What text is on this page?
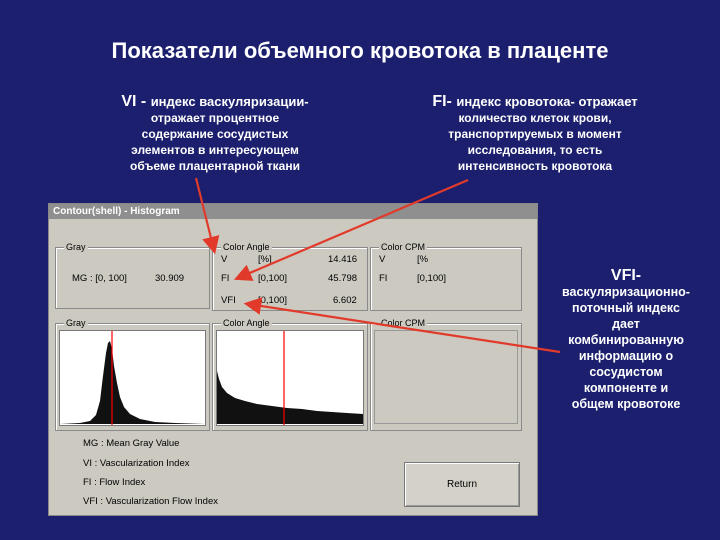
Показатели объемного кровотока в плаценте
VI - индекс васкуляризации-
отражает процентное
содержание сосудистых
элементов в интересующем
объеме плацентарной ткани
FI- индекс кровотока- отражает
количество клеток крови,
транспортируемых в момент
исследования, то есть
интенсивность кровотока
VFI-
васкуляризационно-
поточный индекс
дает
комбинированную
информацию о
сосудистом
компоненте и
общем кровотоке
Contour(shell) - Histogram
Gray
MG : [0, 100]	30.909
Color Angle
V	[%]	14.416
FI	[0,100]	45.798
VFI [0,100]	6.602
Color CPM
V	[%
FI	[0,100]
Gray	Color Angle	Color CPM
MG : Mean Gray Value
VI : Vascularization Index
FI : Flow Index
VFI : Vascularization Flow Index
Return
